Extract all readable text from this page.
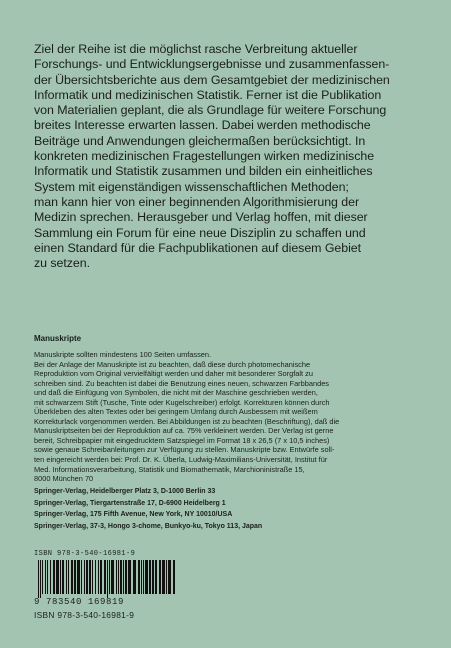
Ziel der Reihe ist die möglichst rasche Verbreitung aktueller
Forschungs- und Entwicklungsergebnisse und zusammenfassen-
der Übersichtsberichte aus dem Gesamtgebiet der medizinischen
Informatik und medizinischen Statistik. Ferner ist die Publikation
von Materialien geplant, die als Grundlage für weitere Forschung
breites Interesse erwarten lassen. Dabei werden methodische
Beiträge und Anwendungen gleichermaßen berücksichtigt. In
konkreten medizinischen Fragestellungen wirken medizinische
Informatik und Statistik zusammen und bilden ein einheitliches
System mit eigenständigen wissenschaftlichen Methoden;
man kann hier von einer beginnenden Algorithmisierung der
Medizin sprechen. Herausgeber und Verlag hoffen, mit dieser
Sammlung ein Forum für eine neue Disziplin zu schaffen und
einen Standard für die Fachpublikationen auf diesem Gebiet
zu setzen.
Manuskripte
Manuskripte sollten mindestens 100 Seiten umfassen.
Bei der Anlage der Manuskripte ist zu beachten, daß diese durch photomechanische
Reproduktion vom Original vervielfältigt werden und daher mit besonderer Sorgfalt zu
schreiben sind. Zu beachten ist dabei die Benutzung eines neuen, schwarzen Farbbandes
und daß die Einfügung von Symbolen, die nicht mit der Maschine geschrieben werden,
mit schwarzem Stift (Tusche, Tinte oder Kugelschreiber) erfolgt. Korrekturen können durch
Überkleben des alten Textes oder bei geringem Umfang durch Ausbessern mit weißem
Korrekturlack vorgenommen werden. Bei Abbildungen ist zu beachten (Beschriftung), daß die
Manuskriptseiten bei der Reproduktion auf ca. 75% verkleinert werden. Der Verlag ist gerne
bereit, Schreibpapier mit eingedrucktem Satzspiegel im Format 18 x 26,5 (7 x 10,5 inches)
sowie genaue Schreibanleitungen zur Verfügung zu stellen. Manuskripte bzw. Entwürfe soll-
ten eingereicht werden bei: Prof. Dr. K. Überla, Ludwig-Maximilians-Universität, Institut für
Med. Informationsverarbeitung, Statistik und Biomathematik, Marchioninistraße 15,
8000 München 70
Springer-Verlag, Heidelberger Platz 3, D-1000 Berlin 33
Springer-Verlag, Tiergartenstraße 17, D-6900 Heidelberg 1
Springer-Verlag, 175 Fifth Avenue, New York, NY 10010/USA
Springer-Verlag, 37-3, Hongo 3-chome, Bunkyo-ku, Tokyo 113, Japan
ISBN 978-3-540-16981-9
9 783540 169819
ISBN 978-3-540-16981-9
